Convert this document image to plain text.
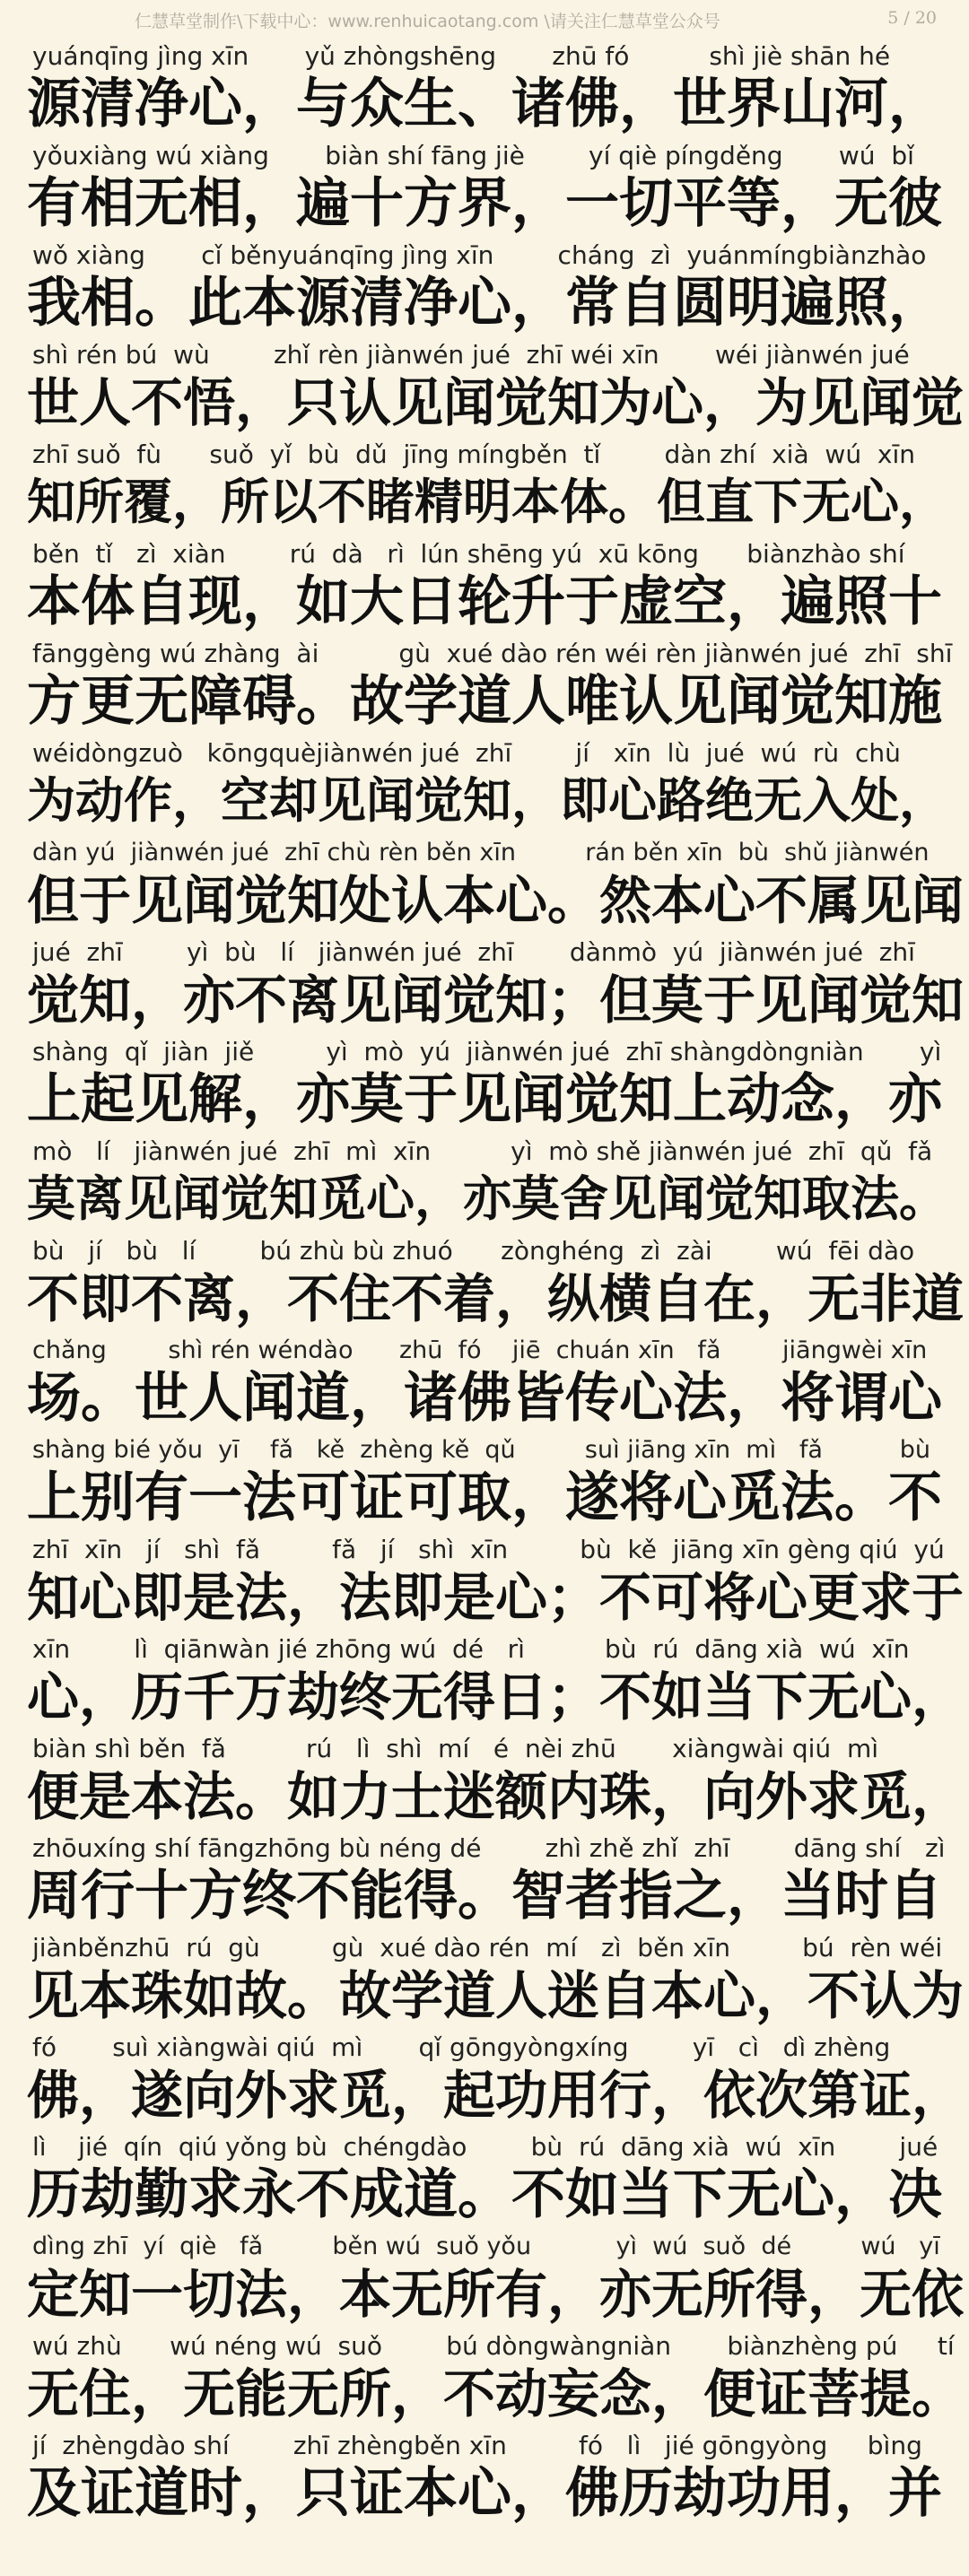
仁慧草堂制作\下载中心：www.renhuicaotang.com \请关注仁慧草堂公众号	5 / 20
yuánqīng jìng xīn       yǔ zhòngshēng       zhū fó          shì jiè shān hé
源清净心，与众生、诸佛，世界山河，
yǒuxiàng wú xiàng       biàn shí fāng jiè        yí qiè píngděng       wú  bǐ
有相无相，遍十方界，一切平等，无彼
wǒ xiàng       cǐ běnyuánqīng jìng xīn        cháng  zì  yuánmíngbiànzhào
我相。此本源清净心，常自圆明遍照，
shì rén bú  wù        zhǐ rèn jiànwén jué  zhī wéi xīn       wéi jiànwén jué
世人不悟，只认见闻觉知为心，为见闻觉
zhī suǒ  fù      suǒ  yǐ  bù  dǔ  jīng míngběn  tǐ        dàn zhí  xià  wú  xīn
知所覆，所以不睹精明本体。但直下无心，
běn  tǐ   zì  xiàn        rú  dà   rì  lún shēng yú  xū kōng      biànzhào shí
本体自现，如大日轮升于虚空，遍照十
fānggèng wú zhàng  ài          gù  xué dào rén wéi rèn jiànwén jué  zhī  shī
方更无障碍。故学道人唯认见闻觉知施
wéidòngzuò   kōngquèjiànwén jué  zhī        jí   xīn  lù  jué  wú  rù  chù
为动作，空却见闻觉知，即心路绝无入处，
dàn yú  jiànwén jué  zhī chù rèn běn xīn         rán běn xīn  bù  shǔ jiànwén
但于见闻觉知处认本心。然本心不属见闻
jué  zhī        yì  bù   lí   jiànwén jué  zhī       dànmò  yú  jiànwén jué  zhī
觉知，亦不离见闻觉知；但莫于见闻觉知
shàng  qǐ  jiàn  jiě         yì  mò  yú  jiànwén jué  zhī shàngdòngniàn       yì
上起见解，亦莫于见闻觉知上动念，亦
mò   lí   jiànwén jué  zhī  mì  xīn          yì  mò shě jiànwén jué  zhī  qǔ  fǎ
莫离见闻觉知觅心，亦莫舍见闻觉知取法。
bù   jí   bù   lí        bú zhù bù zhuó      zònghéng  zì  zài        wú  fēi dào
不即不离，不住不着，纵横自在，无非道
chǎng        shì rén wéndào      zhū  fó    jiē  chuán xīn   fǎ        jiāngwèi xīn
场。世人闻道，诸佛皆传心法，将谓心
shàng bié yǒu  yī    fǎ   kě  zhèng kě  qǔ         suì jiāng xīn  mì   fǎ          bù
上别有一法可证可取，遂将心觅法。不
zhī  xīn   jí   shì  fǎ         fǎ   jí   shì  xīn         bù  kě  jiāng xīn gèng qiú  yú
知心即是法，法即是心；不可将心更求于
xīn        lì  qiānwàn jié zhōng wú  dé   rì          bù  rú  dāng xià  wú  xīn
心，历千万劫终无得日；不如当下无心，
biàn shì běn  fǎ          rú   lì  shì  mí   é  nèi zhū       xiàngwài qiú  mì
便是本法。如力士迷额内珠，向外求觅，
zhōuxíng shí fāngzhōng bù néng dé        zhì zhě zhǐ  zhī        dāng shí   zì
周行十方终不能得。智者指之，当时自
jiànběnzhū  rú  gù         gù  xué dào rén  mí   zì  běn xīn         bú  rèn wéi
见本珠如故。故学道人迷自本心，不认为
fó       suì xiàngwài qiú  mì       qǐ gōngyòngxíng        yī   cì   dì zhèng
佛，遂向外求觅，起功用行，依次第证，
lì    jié  qín  qiú yǒng bù  chéngdào        bù  rú  dāng xià  wú  xīn        jué
历劫勤求永不成道。不如当下无心，决
dìng zhī  yí  qiè   fǎ         běn wú  suǒ yǒu           yì  wú  suǒ  dé         wú   yī
定知一切法，本无所有，亦无所得，无依
wú zhù      wú néng wú  suǒ        bú dòngwàngniàn       biànzhèng pú     tí
无住，无能无所，不动妄念，便证菩提。
jí  zhèngdào shí        zhī zhèngběn xīn         fó   lì   jié gōngyòng     bìng
及证道时，只证本心，佛历劫功用，并
